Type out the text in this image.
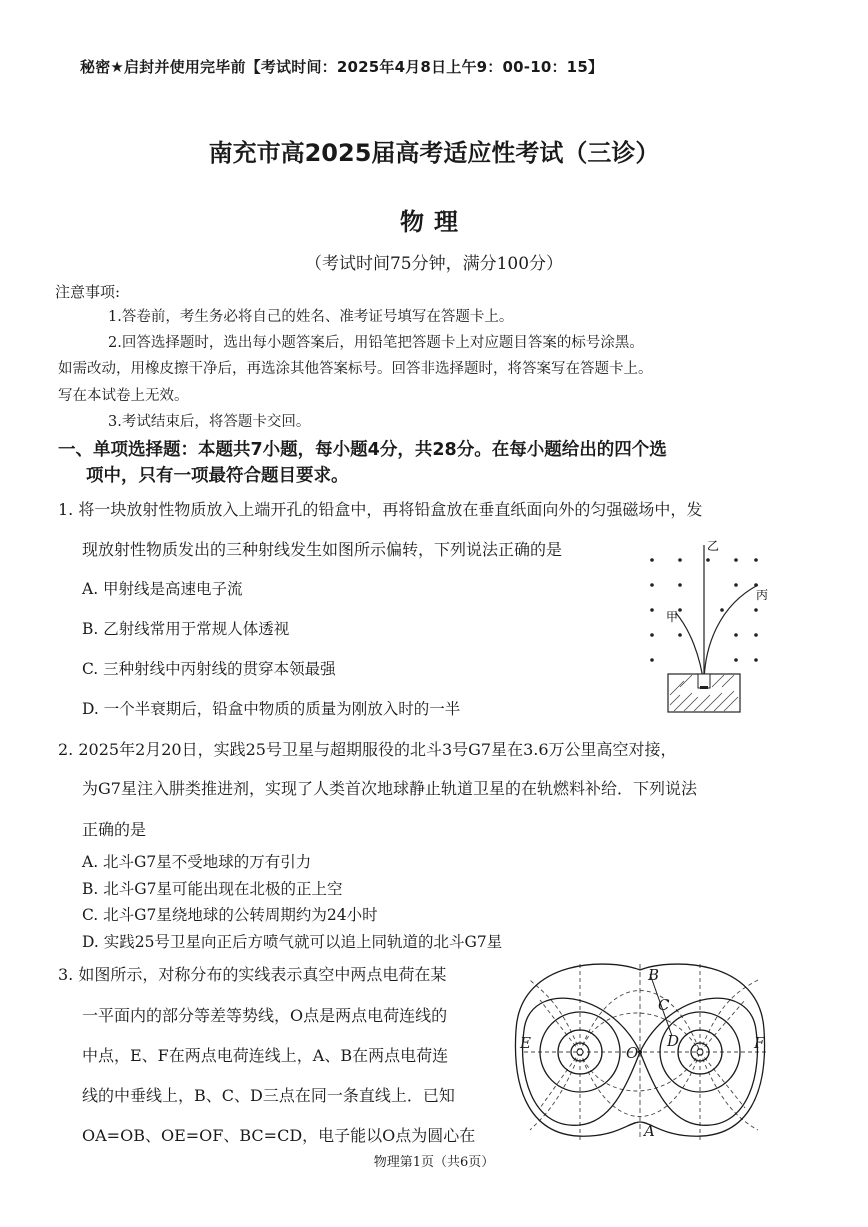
秘密★启封并使用完毕前【考试时间：2025年4月8日上午9：00-10：15】
南充市高2025届高考适应性考试（三诊）
物理
（考试时间75分钟，满分100分）
注意事项:
1.答卷前，考生务必将自己的姓名、准考证号填写在答题卡上。
2.回答选择题时，选出每小题答案后，用铅笔把答题卡上对应题目答案的标号涂黑。
如需改动，用橡皮擦干净后，再选涂其他答案标号。回答非选择题时，将答案写在答题卡上。
写在本试卷上无效。
3.考试结束后，将答题卡交回。
一、单项选择题：本题共7小题，每小题4分，共28分。在每小题给出的四个选
项中，只有一项最符合题目要求。
1. 将一块放射性物质放入上端开孔的铅盒中，再将铅盒放在垂直纸面向外的匀强磁场中，发
现放射性物质发出的三种射线发生如图所示偏转，下列说法正确的是
A. 甲射线是高速电子流
B. 乙射线常用于常规人体透视
C. 三种射线中丙射线的贯穿本领最强
D. 一个半衰期后，铅盒中物质的质量为刚放入时的一半
乙
丙
甲
2. 2025年2月20日，实践25号卫星与超期服役的北斗3号G7星在3.6万公里高空对接，
为G7星注入肼类推进剂，实现了人类首次地球静止轨道卫星的在轨燃料补给．下列说法
正确的是
A. 北斗G7星不受地球的万有引力
B. 北斗G7星可能出现在北极的正上空
C. 北斗G7星绕地球的公转周期约为24小时
D. 实践25号卫星向正后方喷气就可以追上同轨道的北斗G7星
3. 如图所示，对称分布的实线表示真空中两点电荷在某
一平面内的部分等差等势线，O点是两点电荷连线的
中点，E、F在两点电荷连线上，A、B在两点电荷连
线的中垂线上，B、C、D三点在同一条直线上．已知
OA=OB、OE=OF、BC=CD，电子能以O点为圆心在
B
C
D
E	F
O
A
物理第1页（共6页）
